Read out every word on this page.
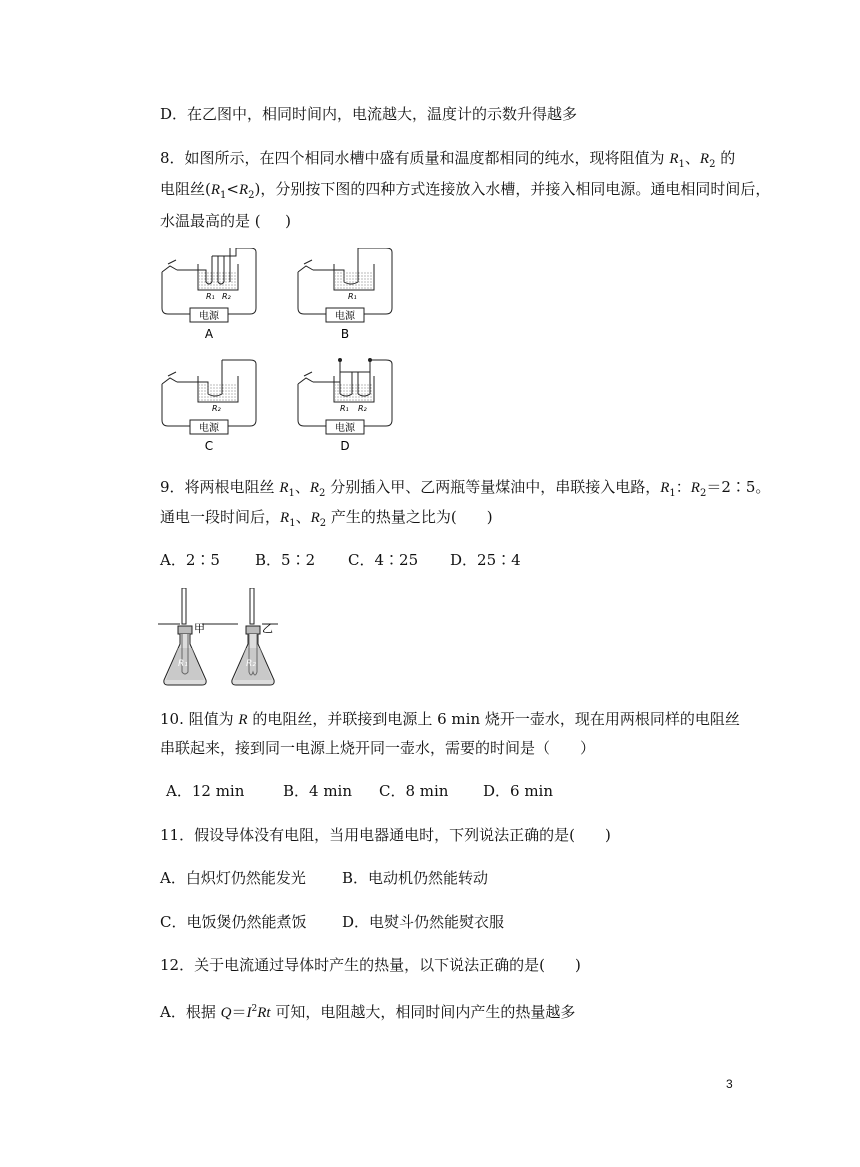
D．在乙图中，相同时间内，电流越大，温度计的示数升得越多
8．如图所示，在四个相同水槽中盛有质量和温度都相同的纯水，现将阻值为 $R_1$、$R_2$ 的
电阻丝$(R_1<R_2)$，分别按下图的四种方式连接放入水槽，并接入相同电源。通电相同时间后，
水温最高的是 ( 　 )
电源
R₁ R₂
A
电源
R₁
B
电源
R₂
C
电源
R₁ R₂
D
9．将两根电阻丝 $R_1$、$R_2$ 分别插入甲、乙两瓶等量煤油中，串联接入电路，$R_1$：$R_2=2∶5$。
通电一段时间后，$R_1$、$R_2$ 产生的热量之比为(　　)
A．2∶5 B．5∶2 C．4∶25 D．25∶4
R₁
甲
R₂
乙
10. 阻值为 R 的电阻丝，并联接到电源上 6 min 烧开一壶水，现在用两根同样的电阻丝
串联起来，接到同一电源上烧开同一壶水，需要的时间是（　　）
A．12 min	B．4 min C．8 min D．6 min
11．假设导体没有电阻，当用电器通电时，下列说法正确的是(　　)
A．白炽灯仍然能发光 B．电动机仍然能转动
C．电饭煲仍然能煮饭 D．电熨斗仍然能熨衣服
12．关于电流通过导体时产生的热量，以下说法正确的是(　　)
A．根据 $Q=I^2Rt$ 可知，电阻越大，相同时间内产生的热量越多
3
